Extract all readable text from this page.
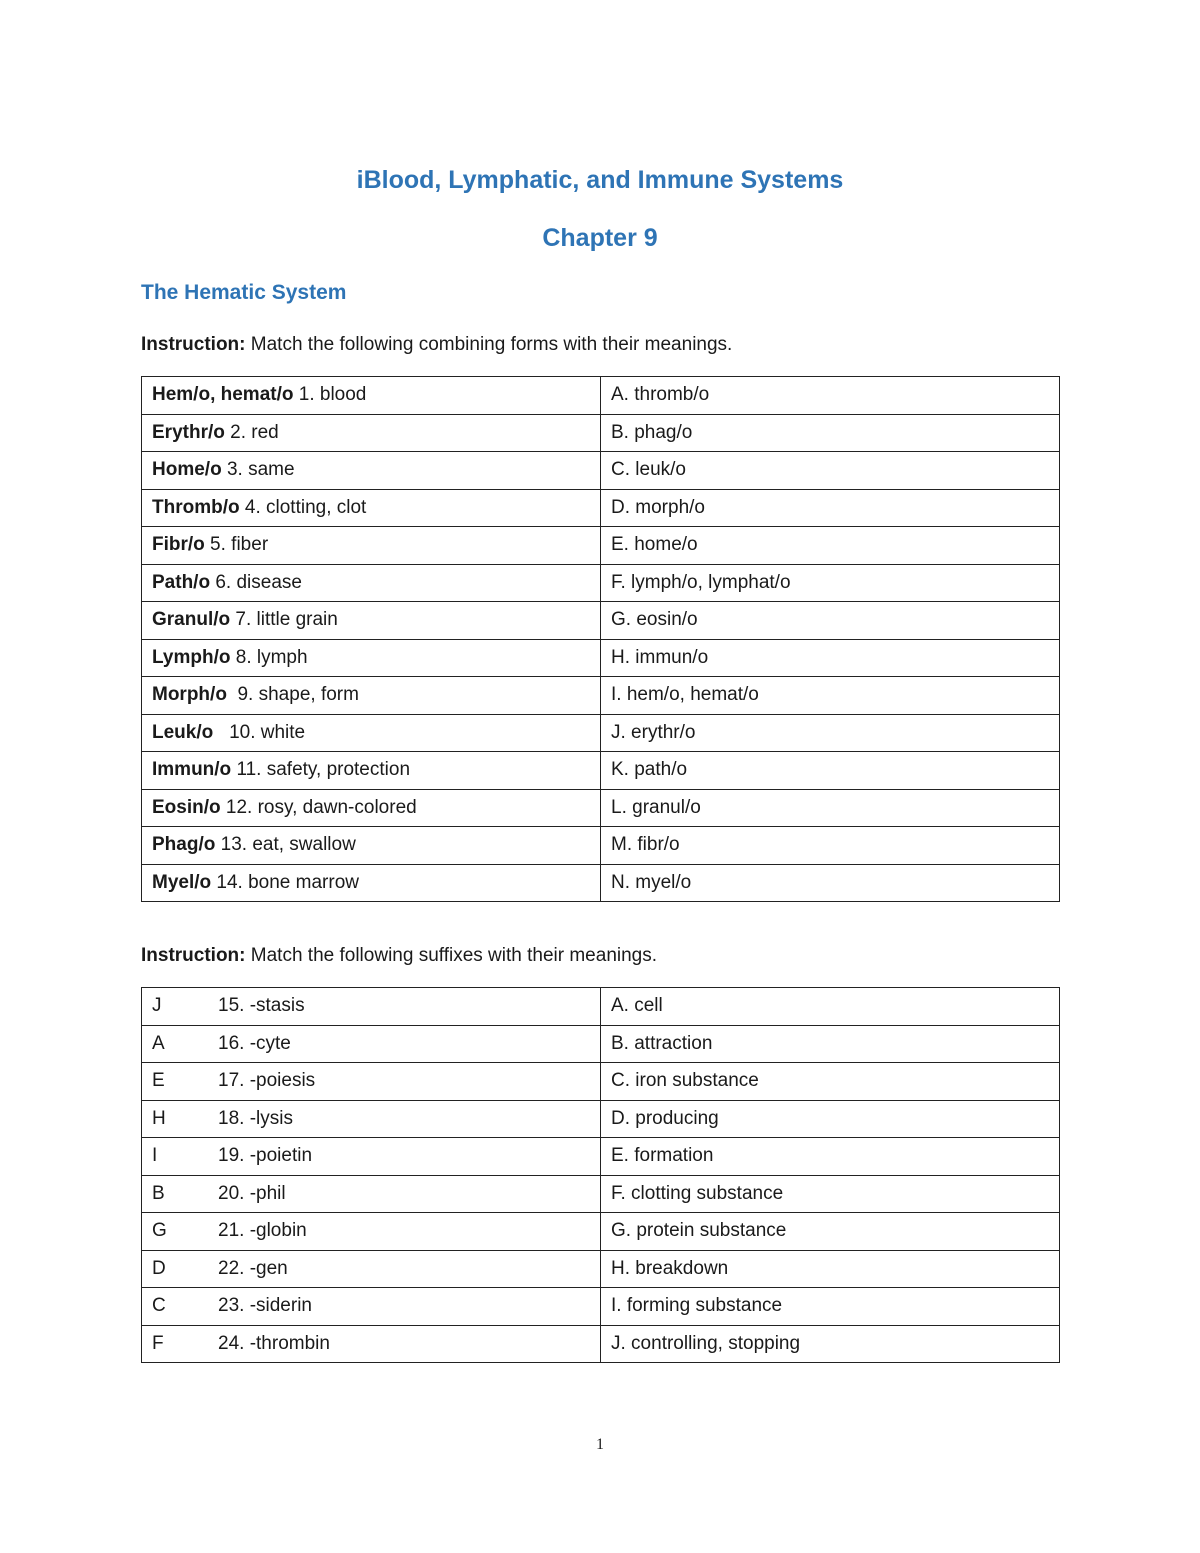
iBlood, Lymphatic, and Immune Systems
Chapter 9
The Hematic System
Instruction: Match the following combining forms with their meanings.
Hem/o, hemat/o 1. blood	A. thromb/o
Erythr/o 2. red	B. phag/o
Home/o 3. same	C. leuk/o
Thromb/o 4. clotting, clot	D. morph/o
Fibr/o 5. fiber	E. home/o
Path/o 6. disease	F. lymph/o, lymphat/o
Granul/o 7. little grain	G. eosin/o
Lymph/o 8. lymph	H. immun/o
Morph/o  9. shape, form	I. hem/o, hemat/o
Leuk/o   10. white	J. erythr/o
Immun/o 11. safety, protection	K. path/o
Eosin/o 12. rosy, dawn-colored	L. granul/o
Phag/o 13. eat, swallow	M. fibr/o
Myel/o 14. bone marrow	N. myel/o
Instruction: Match the following suffixes with their meanings.
J 15. -stasis	A. cell
A 16. -cyte	B. attraction
E 17. -poiesis	C. iron substance
H 18. -lysis	D. producing
I 19. -poietin	E. formation
B 20. -phil	F. clotting substance
G 21. -globin	G. protein substance
D 22. -gen	H. breakdown
C 23. -siderin	I. forming substance
F 24. -thrombin	J. controlling, stopping
1
